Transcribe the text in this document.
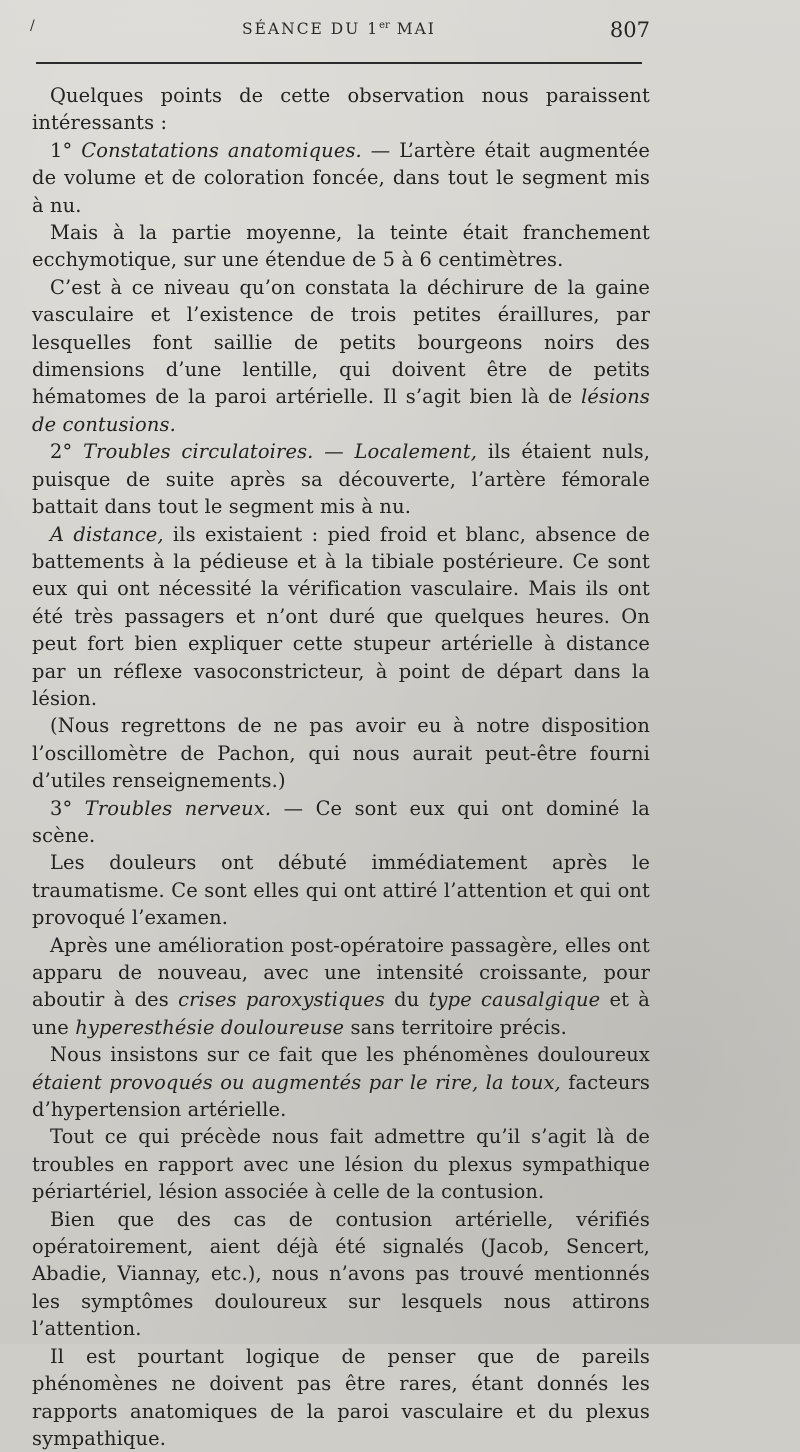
/	SÉANCE DU 1er MAI	807

Quelques points de cette observation nous paraissent intéressants :

1° Constatations anatomiques. — L’artère était augmentée de volume et de coloration foncée, dans tout le segment mis à nu.

Mais à la partie moyenne, la teinte était franchement ecchymotique, sur une étendue de 5 à 6 centimètres.

C’est à ce niveau qu’on constata la déchirure de la gaine vasculaire et l’existence de trois petites éraillures, par lesquelles font saillie de petits bourgeons noirs des dimensions d’une lentille, qui doivent être de petits hématomes de la paroi artérielle. Il s’agit bien là de lésions de contusions.

2° Troubles circulatoires. — Localement, ils étaient nuls, puisque de suite après sa découverte, l’artère fémorale battait dans tout le segment mis à nu.

A distance, ils existaient : pied froid et blanc, absence de battements à la pédieuse et à la tibiale postérieure. Ce sont eux qui ont nécessité la vérification vasculaire. Mais ils ont été très passagers et n’ont duré que quelques heures. On peut fort bien expliquer cette stupeur artérielle à distance par un réflexe vasoconstricteur, à point de départ dans la lésion.

(Nous regrettons de ne pas avoir eu à notre disposition l’oscillomètre de Pachon, qui nous aurait peut-être fourni d’utiles renseignements.)

3° Troubles nerveux. — Ce sont eux qui ont dominé la scène.

Les douleurs ont débuté immédiatement après le traumatisme. Ce sont elles qui ont attiré l’attention et qui ont provoqué l’examen.

Après une amélioration post-opératoire passagère, elles ont apparu de nouveau, avec une intensité croissante, pour aboutir à des crises paroxystiques du type causalgique et à une hyperesthésie douloureuse sans territoire précis.

Nous insistons sur ce fait que les phénomènes douloureux étaient provoqués ou augmentés par le rire, la toux, facteurs d’hypertension artérielle.

Tout ce qui précède nous fait admettre qu’il s’agit là de troubles en rapport avec une lésion du plexus sympathique périartériel, lésion associée à celle de la contusion.

Bien que des cas de contusion artérielle, vérifiés opératoirement, aient déjà été signalés (Jacob, Sencert, Abadie, Viannay, etc.), nous n’avons pas trouvé mentionnés les symptômes douloureux sur lesquels nous attirons l’attention.

Il est pourtant logique de penser que de pareils phénomènes ne doivent pas être rares, étant donnés les rapports anatomiques de la paroi vasculaire et du plexus sympathique.
